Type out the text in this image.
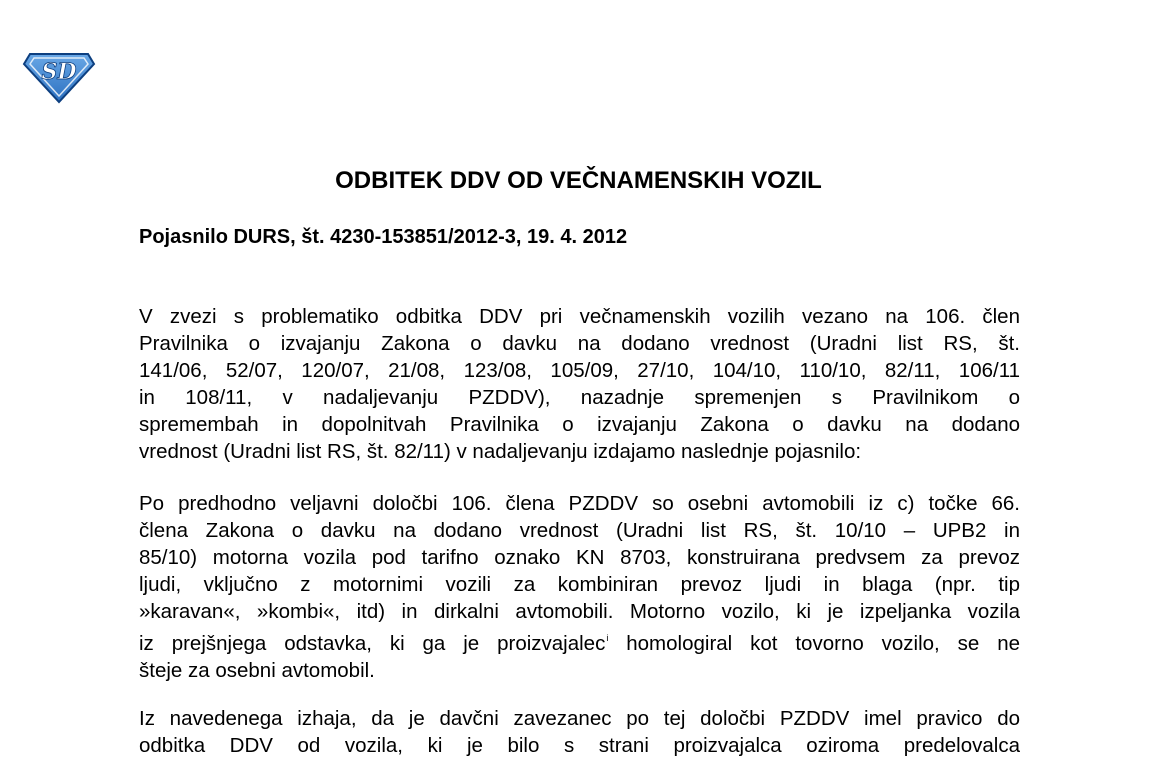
SD
ODBITEK DDV OD VEČNAMENSKIH VOZIL

Pojasnilo DURS, št. 4230-153851/2012-3, 19. 4. 2012

V zvezi s problematiko odbitka DDV pri večnamenskih vozilih vezano na 106. člen
Pravilnika o izvajanju Zakona o davku na dodano vrednost (Uradni list RS, št.
141/06, 52/07, 120/07, 21/08, 123/08, 105/09, 27/10, 104/10, 110/10, 82/11, 106/11
in 108/11, v nadaljevanju PZDDV), nazadnje spremenjen s Pravilnikom o
spremembah in dopolnitvah Pravilnika o izvajanju Zakona o davku na dodano
vrednost (Uradni list RS, št. 82/11) v nadaljevanju izdajamo naslednje pojasnilo:
Po predhodno veljavni določbi 106. člena PZDDV so osebni avtomobili iz c) točke 66.
člena Zakona o davku na dodano vrednost (Uradni list RS, št. 10/10 – UPB2 in
85/10) motorna vozila pod tarifno oznako KN 8703, konstruirana predvsem za prevoz
ljudi, vključno z motornimi vozili za kombiniran prevoz ljudi in blaga (npr. tip
»karavan«, »kombi«, itd) in dirkalni avtomobili. Motorno vozilo, ki je izpeljanka vozila
iz prejšnjega odstavka, ki ga je proizvajalec$^i$ homologiral kot tovorno vozilo, se ne
šteje za osebni avtomobil.
Iz navedenega izhaja, da je davčni zavezanec po tej določbi PZDDV imel pravico do
odbitka DDV od vozila, ki je bilo s strani proizvajalca oziroma predelovalca
